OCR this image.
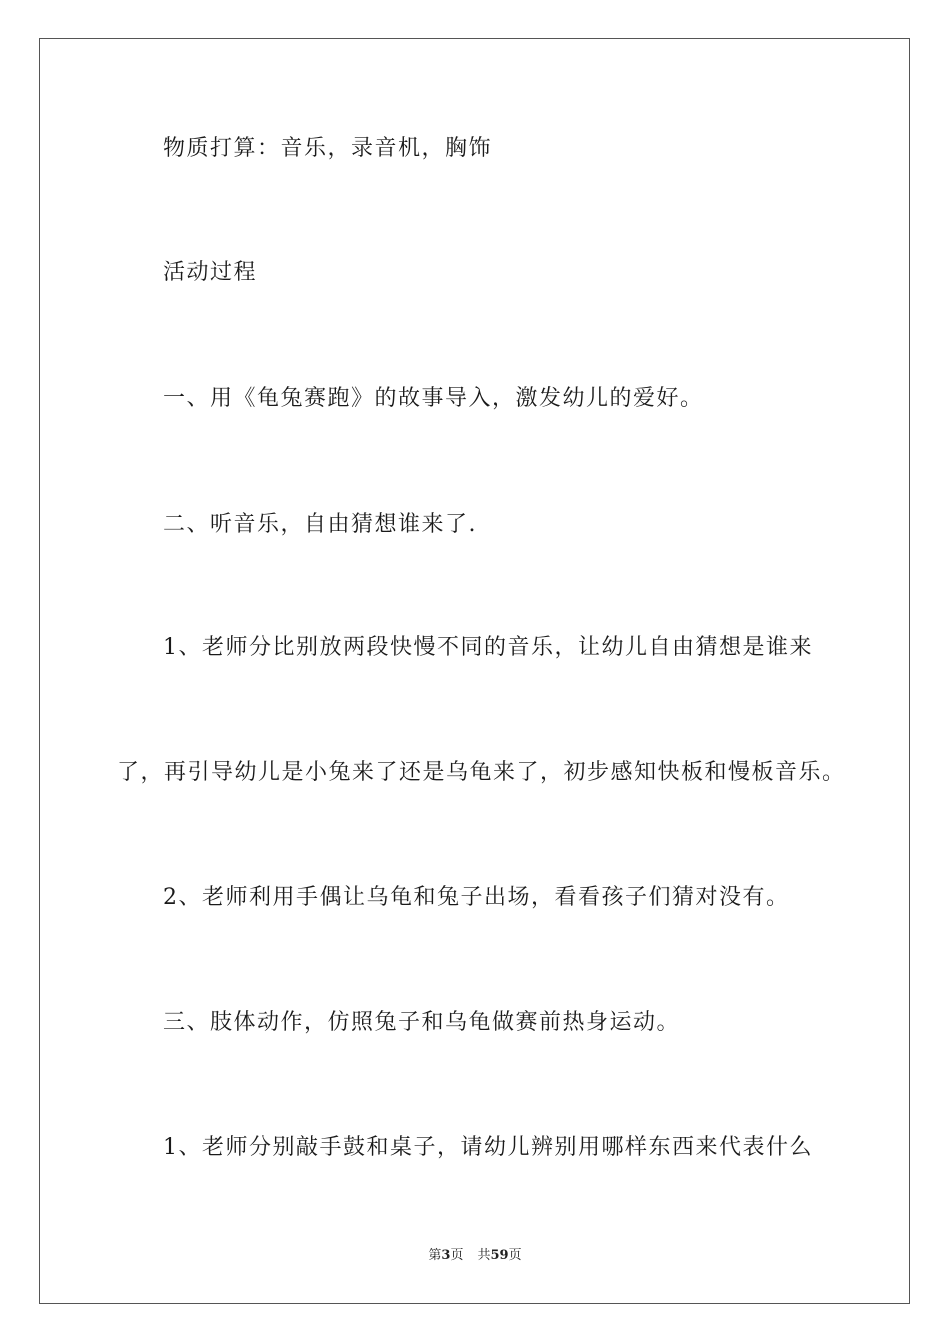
物质打算：音乐，录音机，胸饰
活动过程
一、用《龟兔赛跑》的故事导入，激发幼儿的爱好。
二、听音乐，自由猜想谁来了.
1、老师分比别放两段快慢不同的音乐，让幼儿自由猜想是谁来
了，再引导幼儿是小兔来了还是乌龟来了，初步感知快板和慢板音乐。
2、老师利用手偶让乌龟和兔子出场，看看孩子们猜对没有。
三、肢体动作，仿照兔子和乌龟做赛前热身运动。
1、老师分别敲手鼓和桌子，请幼儿辨别用哪样东西来代表什么
第3页 共59页
